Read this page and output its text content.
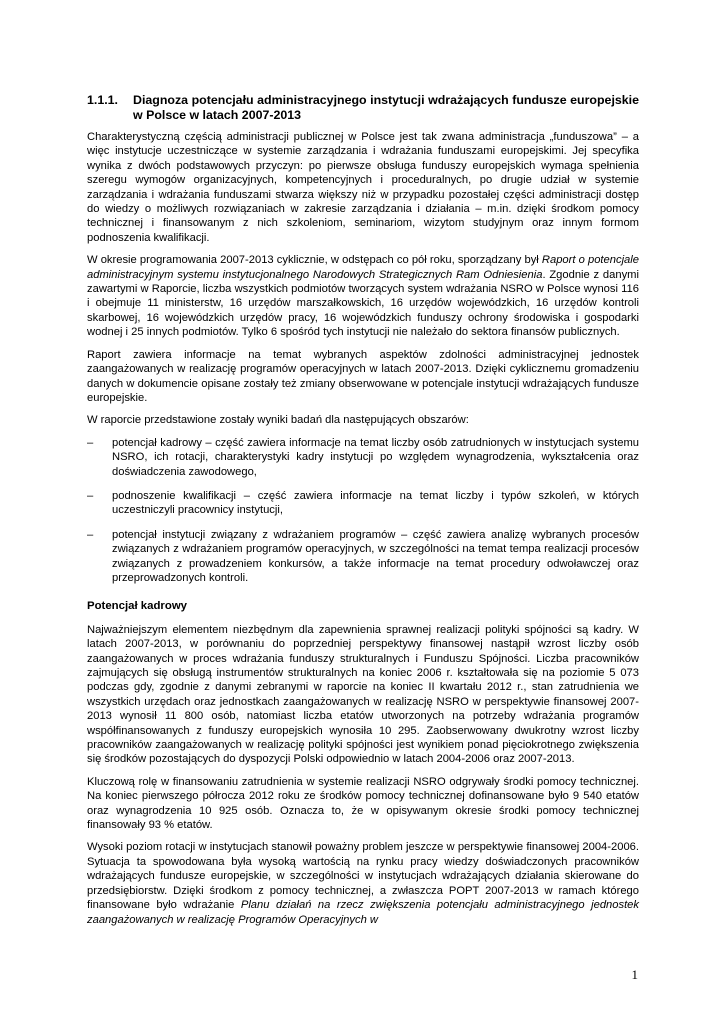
1.1.1.	Diagnoza potencjału administracyjnego instytucji wdrażających fundusze europejskie w Polsce w latach 2007-2013

Charakterystyczną częścią administracji publicznej w Polsce jest tak zwana administracja „funduszowa” – a więc instytucje uczestniczące w systemie zarządzania i wdrażania funduszami europejskimi. Jej specyfika wynika z dwóch podstawowych przyczyn: po pierwsze obsługa funduszy europejskich wymaga spełnienia szeregu wymogów organizacyjnych, kompetencyjnych i proceduralnych, po drugie udział w systemie zarządzania i wdrażania funduszami stwarza większy niż w przypadku pozostałej części administracji dostęp do wiedzy o możliwych rozwiązaniach w zakresie zarządzania i działania – m.in. dzięki środkom pomocy technicznej i finansowanym z nich szkoleniom, seminariom, wizytom studyjnym oraz innym formom podnoszenia kwalifikacji.

W okresie programowania 2007-2013 cyklicznie, w odstępach co pół roku, sporządzany był Raport o potencjale administracyjnym systemu instytucjonalnego Narodowych Strategicznych Ram Odniesienia. Zgodnie z danymi zawartymi w Raporcie, liczba wszystkich podmiotów tworzących system wdrażania NSRO w Polsce wynosi 116 i obejmuje 11 ministerstw, 16 urzędów marszałkowskich, 16 urzędów wojewódzkich, 16 urzędów kontroli skarbowej, 16 wojewódzkich urzędów pracy, 16 wojewódzkich funduszy ochrony środowiska i gospodarki wodnej i 25 innych podmiotów. Tylko 6 spośród tych instytucji nie należało do sektora finansów publicznych.

Raport zawiera informacje na temat wybranych aspektów zdolności administracyjnej jednostek zaangażowanych w realizację programów operacyjnych w latach 2007-2013. Dzięki cyklicznemu gromadzeniu danych w dokumencie opisane zostały też zmiany obserwowane w potencjale instytucji wdrażających fundusze europejskie.

W raporcie przedstawione zostały wyniki badań dla następujących obszarów:

–	potencjał kadrowy – część zawiera informacje na temat liczby osób zatrudnionych w instytucjach systemu NSRO, ich rotacji, charakterystyki kadry instytucji po względem wynagrodzenia, wykształcenia oraz doświadczenia zawodowego,
–	podnoszenie kwalifikacji – część zawiera informacje na temat liczby i typów szkoleń, w których uczestniczyli pracownicy instytucji,
–	potencjał instytucji związany z wdrażaniem programów – część zawiera analizę wybranych procesów związanych z wdrażaniem programów operacyjnych, w szczególności na temat tempa realizacji procesów związanych z prowadzeniem konkursów, a także informacje na temat procedury odwoławczej oraz przeprowadzonych kontroli.
Potencjał kadrowy

Najważniejszym elementem niezbędnym dla zapewnienia sprawnej realizacji polityki spójności są kadry. W latach 2007-2013, w porównaniu do poprzedniej perspektywy finansowej nastąpił wzrost liczby osób zaangażowanych w proces wdrażania funduszy strukturalnych i Funduszu Spójności. Liczba pracowników zajmujących się obsługą instrumentów strukturalnych na koniec 2006 r. kształtowała się na poziomie 5 073 podczas gdy, zgodnie z danymi zebranymi w raporcie na koniec II kwartału 2012 r., stan zatrudnienia we wszystkich urzędach oraz jednostkach zaangażowanych w realizację NSRO w perspektywie finansowej 2007-2013 wynosił 11 800 osób, natomiast liczba etatów utworzonych na potrzeby wdrażania programów współfinansowanych z funduszy europejskich wynosiła 10 295. Zaobserwowany dwukrotny wzrost liczby pracowników zaangażowanych w realizację polityki spójności jest wynikiem ponad pięciokrotnego zwiększenia się środków pozostających do dyspozycji Polski odpowiednio w latach 2004-2006 oraz 2007-2013.

Kluczową rolę w finansowaniu zatrudnienia w systemie realizacji NSRO odgrywały środki pomocy technicznej. Na koniec pierwszego półrocza 2012 roku ze środków pomocy technicznej dofinansowane było 9 540 etatów oraz wynagrodzenia 10 925 osób. Oznacza to, że w opisywanym okresie środki pomocy technicznej finansowały 93 % etatów.

Wysoki poziom rotacji w instytucjach stanowił poważny problem jeszcze w perspektywie finansowej 2004-2006. Sytuacja ta spowodowana była wysoką wartością na rynku pracy wiedzy doświadczonych pracowników wdrażających fundusze europejskie, w szczególności w instytucjach wdrażających działania skierowane do przedsiębiorstw. Dzięki środkom z pomocy technicznej, a zwłaszcza POPT 2007-2013 w ramach którego finansowane było wdrażanie Planu działań na rzecz zwiększenia potencjału administracyjnego jednostek zaangażowanych w realizację Programów Operacyjnych w

1
